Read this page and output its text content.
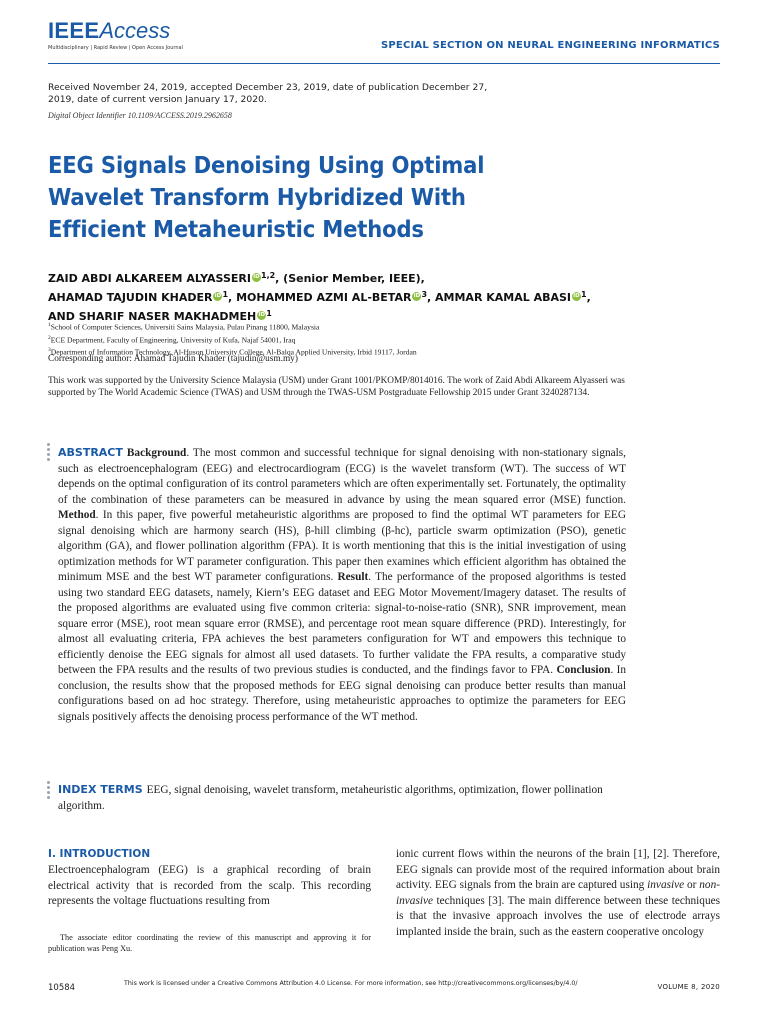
IEEEAccess
Multidisciplinary | Rapid Review | Open Access Journal	SPECIAL SECTION ON NEURAL ENGINEERING INFORMATICS
Received November 24, 2019, accepted December 23, 2019, date of publication December 27, 2019, date of current version January 17, 2020.
Digital Object Identifier 10.1109/ACCESS.2019.2962658
EEG Signals Denoising Using Optimal Wavelet Transform Hybridized With Efficient Metaheuristic Methods
ZAID ABDI ALKAREEM ALYASSERI iD$^{1,2}$, (Senior Member, IEEE),
AHAMAD TAJUDIN KHADER iD$^1$, MOHAMMED AZMI AL-BETAR iD$^3$, AMMAR KAMAL ABASI iD$^1$,
AND SHARIF NASER MAKHADMEH iD$^1$
$^1$School of Computer Sciences, Universiti Sains Malaysia, Pulau Pinang 11800, Malaysia
$^2$ECE Department, Faculty of Engineering, University of Kufa, Najaf 54001, Iraq
$^3$Department of Information Technology, Al-Huson University College, Al-Balqa Applied University, Irbid 19117, Jordan
Corresponding author: Ahamad Tajudin Khader (tajudin@usm.my)
This work was supported by the University Science Malaysia (USM) under Grant 1001/PKOMP/8014016. The work of Zaid Abdi Alkareem Alyasseri was supported by The World Academic Science (TWAS) and USM through the TWAS-USM Postgraduate Fellowship 2015 under Grant 3240287134.
ABSTRACT Background. The most common and successful technique for signal denoising with non-stationary signals, such as electroencephalogram (EEG) and electrocardiogram (ECG) is the wavelet transform (WT). The success of WT depends on the optimal configuration of its control parameters which are often experimentally set. Fortunately, the optimality of the combination of these parameters can be measured in advance by using the mean squared error (MSE) function. Method. In this paper, five powerful metaheuristic algorithms are proposed to find the optimal WT parameters for EEG signal denoising which are harmony search (HS), β-hill climbing (β-hc), particle swarm optimization (PSO), genetic algorithm (GA), and flower pollination algorithm (FPA). It is worth mentioning that this is the initial investigation of using optimization methods for WT parameter configuration. This paper then examines which efficient algorithm has obtained the minimum MSE and the best WT parameter configurations. Result. The performance of the proposed algorithms is tested using two standard EEG datasets, namely, Kiern’s EEG dataset and EEG Motor Movement/Imagery dataset. The results of the proposed algorithms are evaluated using five common criteria: signal-to-noise-ratio (SNR), SNR improvement, mean square error (MSE), root mean square error (RMSE), and percentage root mean square difference (PRD). Interestingly, for almost all evaluating criteria, FPA achieves the best parameters configuration for WT and empowers this technique to efficiently denoise the EEG signals for almost all used datasets. To further validate the FPA results, a comparative study between the FPA results and the results of two previous studies is conducted, and the findings favor to FPA. Conclusion. In conclusion, the results show that the proposed methods for EEG signal denoising can produce better results than manual configurations based on ad hoc strategy. Therefore, using metaheuristic approaches to optimize the parameters for EEG signals positively affects the denoising process performance of the WT method.
INDEX TERMS EEG, signal denoising, wavelet transform, metaheuristic algorithms, optimization, flower pollination algorithm.
I. INTRODUCTION
Electroencephalogram (EEG) is a graphical recording of brain electrical activity that is recorded from the scalp. This recording represents the voltage fluctuations resulting from
The associate editor coordinating the review of this manuscript and approving it for publication was Peng Xu.
ionic current flows within the neurons of the brain [1], [2]. Therefore, EEG signals can provide most of the required information about brain activity. EEG signals from the brain are captured using invasive or non-invasive techniques [3]. The main difference between these techniques is that the invasive approach involves the use of electrode arrays implanted inside the brain, such as the eastern cooperative oncology
10584	This work is licensed under a Creative Commons Attribution 4.0 License. For more information, see http://creativecommons.org/licenses/by/4.0/	VOLUME 8, 2020
